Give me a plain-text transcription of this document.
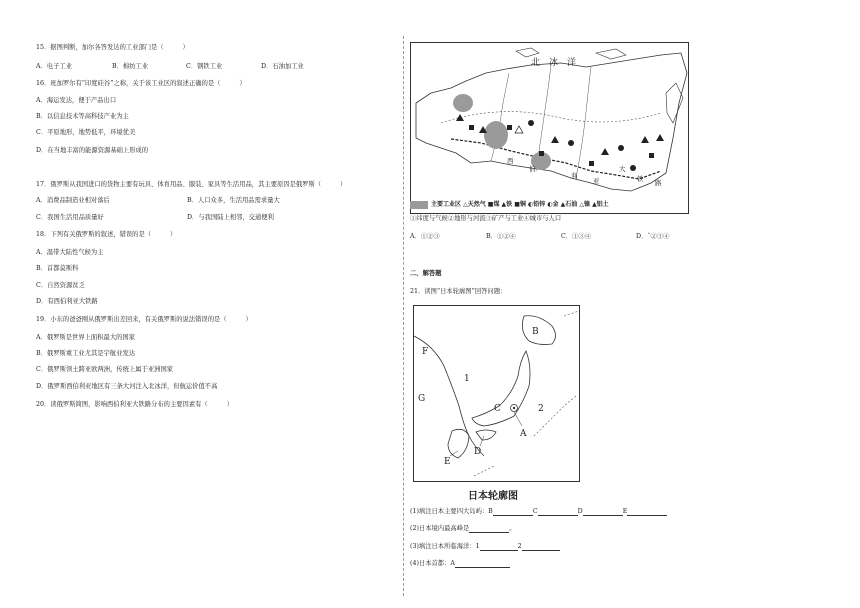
15．据图判断，加尔各答发达的工业部门是（　　　）
A．电子工业	B．棉纺工业	C．钢铁工业	D．石油加工业
16．班加罗尔有“印度硅谷”之称，关于该工业区的叙述正确的是（　　　）
A．海运发达，便于产品出口
B．以信息技术等高科技产业为主
C．平原地形，地势低平，环境优美
D．在当地丰富的能源资源基础上形成的
17．俄罗斯从我国进口的货物主要有玩具、体育用品、服装、家具等生活用品，其主要原因是俄罗斯（　　　）
A．消费品制造业相对落后	B．人口众多，生活用品需求量大
C．我国生活用品质量好	D．与我国陆上相邻，交通便利
18．下列有关俄罗斯的叙述，错误的是（　　　）
A．温带大陆性气候为主
B．首都莫斯科
C．自然资源贫乏
D．有西伯利亚大铁路
19．小东的爸爸刚从俄罗斯出差回来，有关俄罗斯的说法错误的是（　　　）
A．俄罗斯是世界上面积最大的国家
B．俄罗斯重工业尤其是宇航业发达
C．俄罗斯领土跨亚欧两洲，传统上属于亚洲国家
D．俄罗斯西伯利亚地区有三条大河注入北冰洋，但航运价值不高
20．读俄罗斯简图，影响西伯利亚大铁路分布的主要因素有（　　　）
北　冰　洋
西
伯
利
亚
大
铁 路
主要工业区 △天然气 ■煤 ▲铁 ■铜 ◐铅锌 ◐金 ▲石油 △镍 ▲铝土
①纬度与气候②地形与河流③矿产与工业④城市与人口
A．①②③	B．①②④	C．①③④	D．ˆ②③④
二、解答题
21．读图“日本轮廓图”回答问题：
B
F
1
C	2
G
A
D
E
日本轮廓图
(1)填注日本主要四大岛屿：B	C	D	E
(2)日本境内最高峰是	。
(3)填注日本所临海洋：1	2
(4)日本首都：A
